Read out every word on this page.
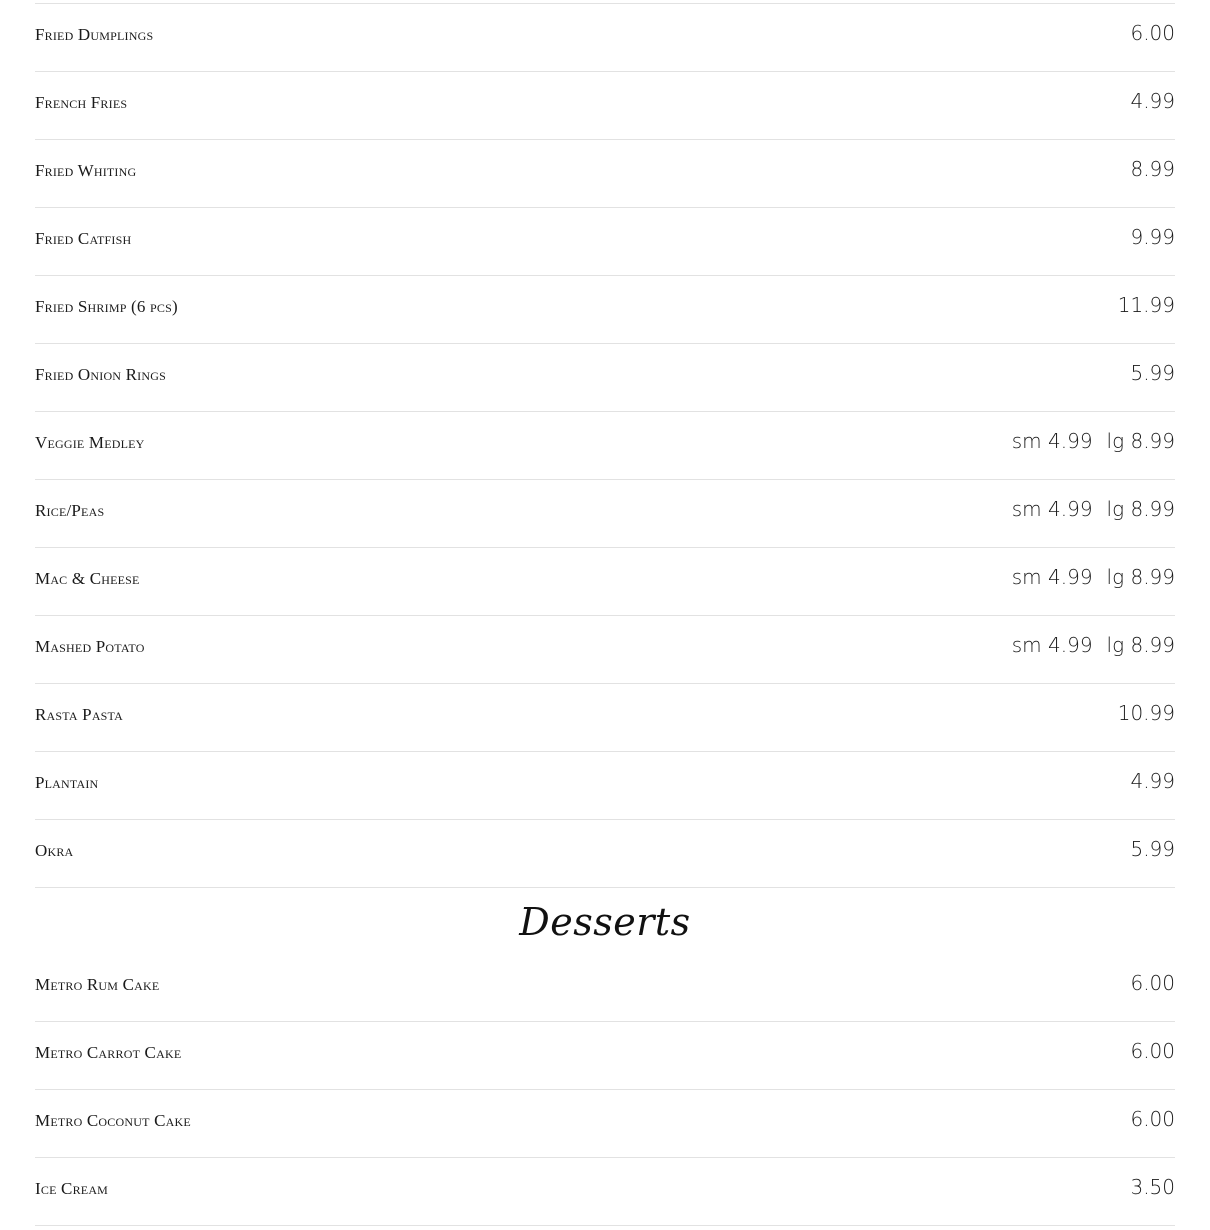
Fried Dumplings	6.00
French Fries	4.99
Fried Whiting	8.99
Fried Catfish	9.99
Fried Shrimp (6 pcs)	11.99
Fried Onion Rings	5.99
Veggie Medley	sm 4.99 lg 8.99
Rice/Peas	sm 4.99 lg 8.99
Mac & Cheese	sm 4.99 lg 8.99
Mashed Potato	sm 4.99 lg 8.99
Rasta Pasta	10.99
Plantain	4.99
Okra	5.99
Desserts
Metro Rum Cake	6.00
Metro Carrot Cake	6.00
Metro Coconut Cake	6.00
Ice Cream	3.50
